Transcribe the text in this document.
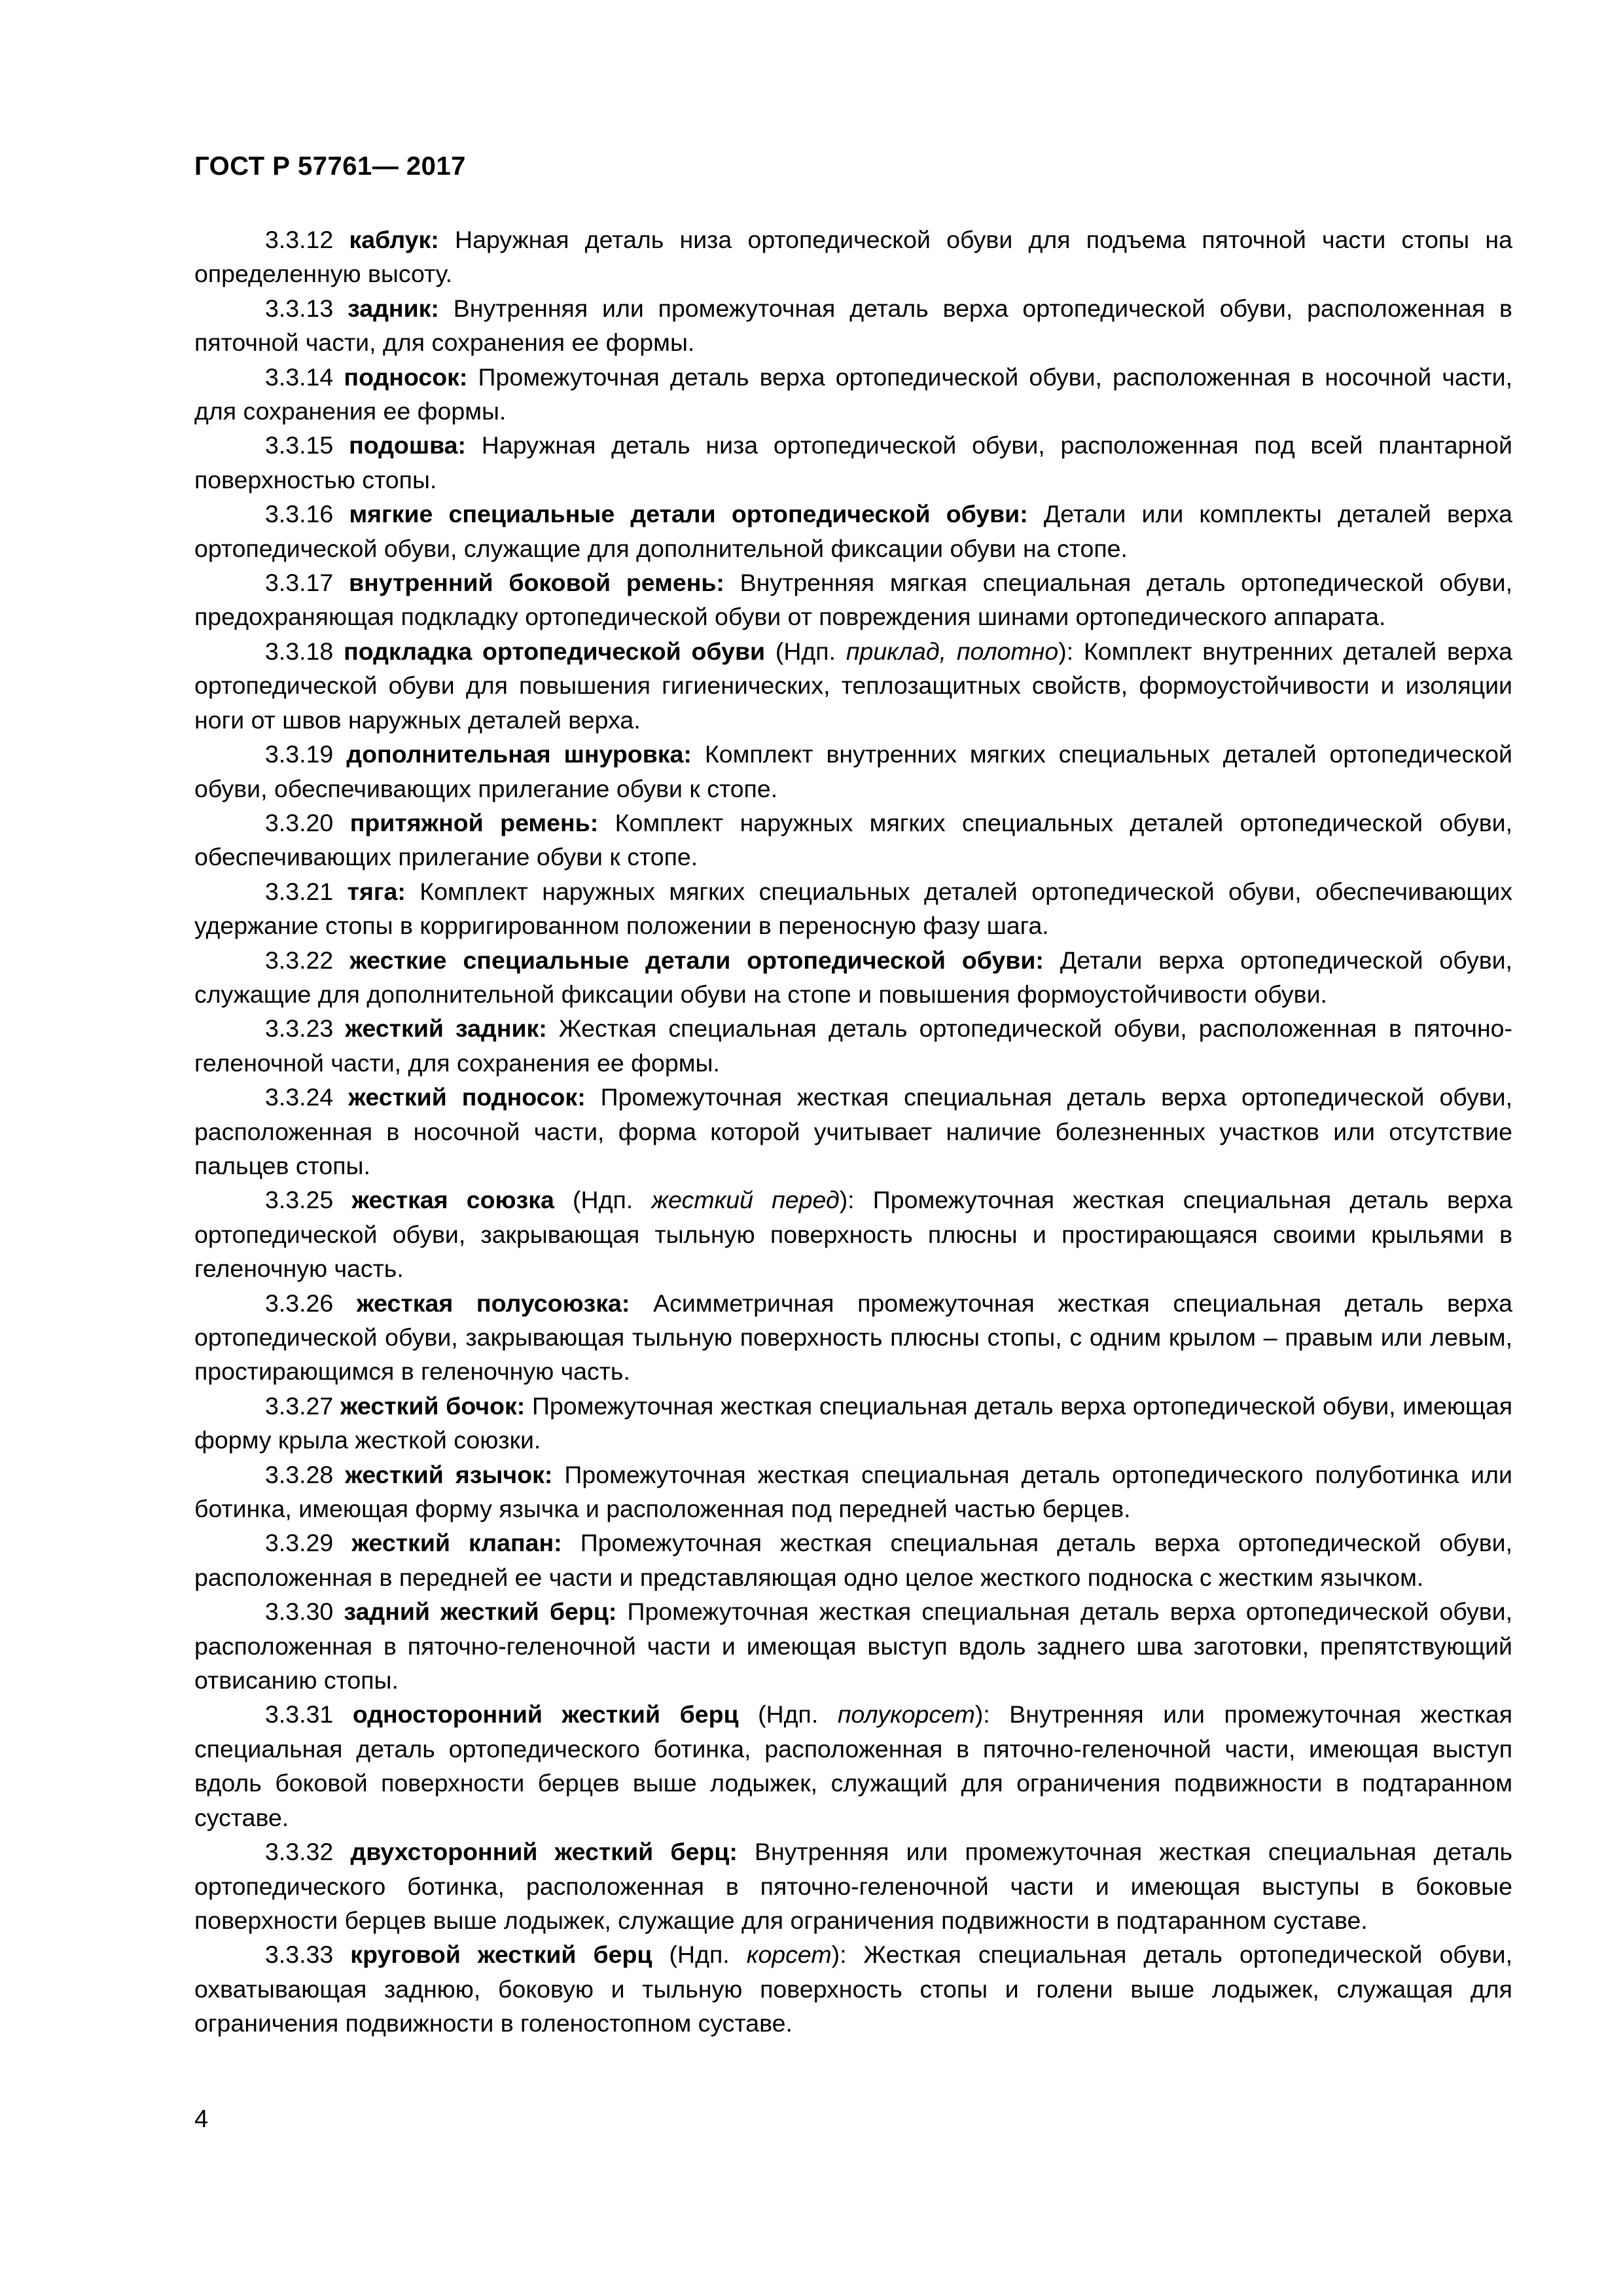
ГОСТ Р 57761— 2017

3.3.12 каблук: Наружная деталь низа ортопедической обуви для подъема пяточной части стопы на определенную высоту.

3.3.13 задник: Внутренняя или промежуточная деталь верха ортопедической обуви, расположенная в пяточной части, для сохранения ее формы.

3.3.14 подносок: Промежуточная деталь верха ортопедической обуви, расположенная в носочной части, для сохранения ее формы.

3.3.15 подошва: Наружная деталь низа ортопедической обуви, расположенная под всей плантарной поверхностью стопы.

3.3.16 мягкие специальные детали ортопедической обуви: Детали или комплекты деталей верха ортопедической обуви, служащие для дополнительной фиксации обуви на стопе.

3.3.17 внутренний боковой ремень: Внутренняя мягкая специальная деталь ортопедической обуви, предохраняющая подкладку ортопедической обуви от повреждения шинами ортопедического аппарата.

3.3.18 подкладка ортопедической обуви (Ндп. приклад, полотно): Комплект внутренних деталей верха ортопедической обуви для повышения гигиенических, теплозащитных свойств, формоустойчивости и изоляции ноги от швов наружных деталей верха.

3.3.19 дополнительная шнуровка: Комплект внутренних мягких специальных деталей ортопедической обуви, обеспечивающих прилегание обуви к стопе.

3.3.20 притяжной ремень: Комплект наружных мягких специальных деталей ортопедической обуви, обеспечивающих прилегание обуви к стопе.

3.3.21 тяга: Комплект наружных мягких специальных деталей ортопедической обуви, обеспечивающих удержание стопы в корригированном положении в переносную фазу шага.

3.3.22 жесткие специальные детали ортопедической обуви: Детали верха ортопедической обуви, служащие для дополнительной фиксации обуви на стопе и повышения формоустойчивости обуви.

3.3.23 жесткий задник: Жесткая специальная деталь ортопедической обуви, расположенная в пяточно-геленочной части, для сохранения ее формы.

3.3.24 жесткий подносок: Промежуточная жесткая специальная деталь верха ортопедической обуви, расположенная в носочной части, форма которой учитывает наличие болезненных участков или отсутствие пальцев стопы.

3.3.25 жесткая союзка (Ндп. жесткий перед): Промежуточная жесткая специальная деталь верха ортопедической обуви, закрывающая тыльную поверхность плюсны и простирающаяся своими крыльями в геленочную часть.

3.3.26 жесткая полусоюзка: Асимметричная промежуточная жесткая специальная деталь верха ортопедической обуви, закрывающая тыльную поверхность плюсны стопы, с одним крылом – правым или левым, простирающимся в геленочную часть.

3.3.27 жесткий бочок: Промежуточная жесткая специальная деталь верха ортопедической обуви, имеющая форму крыла жесткой союзки.

3.3.28 жесткий язычок: Промежуточная жесткая специальная деталь ортопедического полуботинка или ботинка, имеющая форму язычка и расположенная под передней частью берцев.

3.3.29 жесткий клапан: Промежуточная жесткая специальная деталь верха ортопедической обуви, расположенная в передней ее части и представляющая одно целое жесткого подноска с жестким язычком.

3.3.30 задний жесткий берц: Промежуточная жесткая специальная деталь верха ортопедической обуви, расположенная в пяточно-геленочной части и имеющая выступ вдоль заднего шва заготовки, препятствующий отвисанию стопы.

3.3.31 односторонний жесткий берц (Ндп. полукорсет): Внутренняя или промежуточная жесткая специальная деталь ортопедического ботинка, расположенная в пяточно-геленочной части, имеющая выступ вдоль боковой поверхности берцев выше лодыжек, служащий для ограничения подвижности в подтаранном суставе.

3.3.32 двухсторонний жесткий берц: Внутренняя или промежуточная жесткая специальная деталь ортопедического ботинка, расположенная в пяточно-геленочной части и имеющая выступы в боковые поверхности берцев выше лодыжек, служащие для ограничения подвижности в подтаранном суставе.

3.3.33 круговой жесткий берц (Ндп. корсет): Жесткая специальная деталь ортопедической обуви, охватывающая заднюю, боковую и тыльную поверхность стопы и голени выше лодыжек, служащая для ограничения подвижности в голеностопном суставе.

4
